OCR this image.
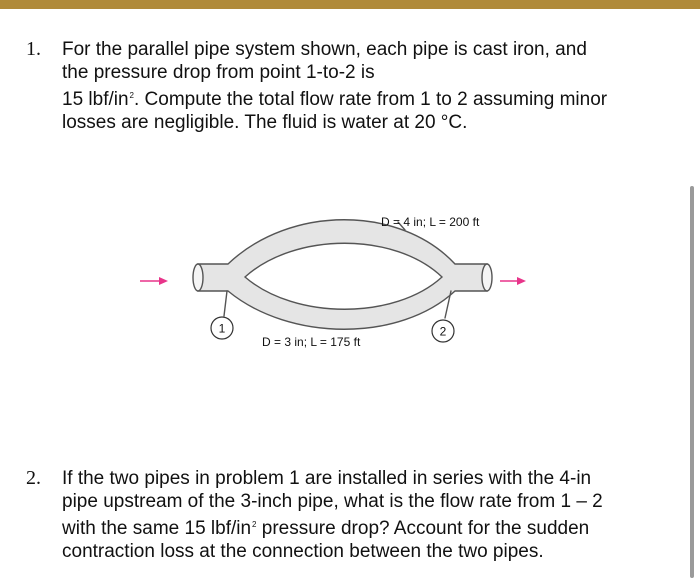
1. For the parallel pipe system shown, each pipe is cast iron, and
the pressure drop from point 1-to-2 is
15 lbf/$in^2$. Compute the total flow rate from 1 to 2 assuming minor
losses are negligible. The fluid is water at 20 °C.
1	2
D = 4 in; L = 200 ft
D = 3 in; L = 175 ft
2. If the two pipes in problem 1 are installed in series with the 4-in
pipe upstream of the 3-inch pipe, what is the flow rate from 1 – 2
with the same 15 lbf/$in^2$ pressure drop? Account for the sudden
contraction loss at the connection between the two pipes.
